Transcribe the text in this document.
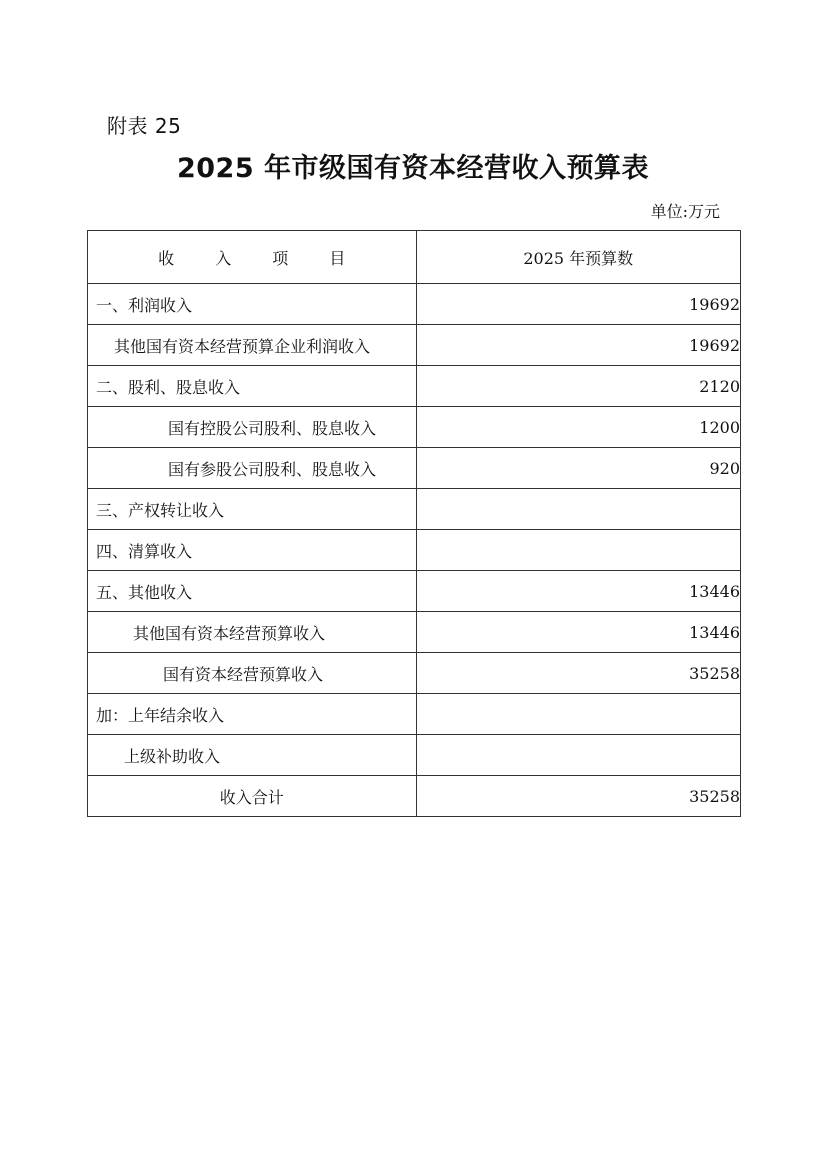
附表 25
2025 年市级国有资本经营收入预算表
单位:万元
收 入 项 目	2025 年预算数
一、利润收入	19692
其他国有资本经营预算企业利润收入	19692
二、股利、股息收入	2120
国有控股公司股利、股息收入	1200
国有参股公司股利、股息收入	920
三、产权转让收入	
四、清算收入	
五、其他收入	13446
其他国有资本经营预算收入	13446
国有资本经营预算收入	35258
加：上年结余收入	
上级补助收入	
收入合计	35258
